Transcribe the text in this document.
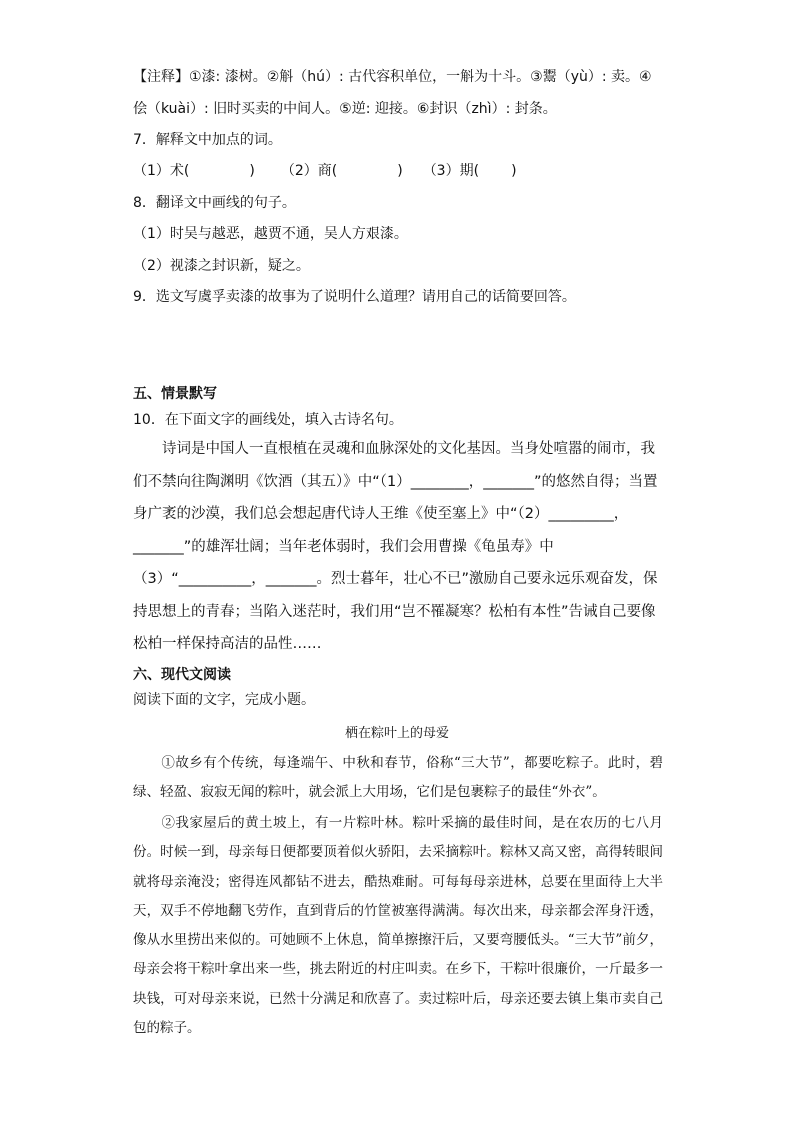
【注释】①漆: 漆树。②斛（hú）: 古代容积单位，一斛为十斗。③鬻（yù）: 卖。④
侩（kuài）: 旧时买卖的中间人。⑤逆: 迎接。⑥封识（zhì）: 封条。
7．解释文中加点的词。
（1）术(	) （2）商(	) （3）期( )
8．翻译文中画线的句子。
（1）时吴与越恶，越贾不通，吴人方艰漆。
（2）视漆之封识新，疑之。
9．选文写虞孚卖漆的故事为了说明什么道理？请用自己的话简要回答。
五、情景默写
10．在下面文字的画线处，填入古诗名句。
诗词是中国人一直根植在灵魂和血脉深处的文化基因。当身处喧嚣的闹市，我们不禁向往陶渊明《饮酒（其五）》中“（1）________，_______”的悠然自得；当置身广袤的沙漠，我们总会想起唐代诗人王维《使至塞上》中“（2）_________，_______”的雄浑壮阔；当年老体弱时，我们会用曹操《龟虽寿》中（3）“__________，_______。烈士暮年，壮心不已”激励自己要永远乐观奋发，保持思想上的青春；当陷入迷茫时，我们用“岂不罹凝寒？松柏有本性”告诫自己要像松柏一样保持高洁的品性……
六、现代文阅读
阅读下面的文字，完成小题。
栖在粽叶上的母爱
①故乡有个传统，每逢端午、中秋和春节，俗称“三大节”，都要吃粽子。此时，碧绿、轻盈、寂寂无闻的粽叶，就会派上大用场，它们是包裹粽子的最佳“外衣”。
②我家屋后的黄土坡上，有一片粽叶林。粽叶采摘的最佳时间，是在农历的七八月份。时候一到，母亲每日便都要顶着似火骄阳，去采摘粽叶。粽林又高又密，高得转眼间就将母亲淹没；密得连风都钻不进去，酷热难耐。可每每母亲进林，总要在里面待上大半天，双手不停地翻飞劳作，直到背后的竹筐被塞得满满。每次出来，母亲都会浑身汗透，像从水里捞出来似的。可她顾不上休息，简单擦擦汗后，又要弯腰低头。“三大节”前夕，母亲会将干粽叶拿出来一些，挑去附近的村庄叫卖。在乡下，干粽叶很廉价，一斤最多一块钱，可对母亲来说，已然十分满足和欣喜了。卖过粽叶后，母亲还要去镇上集市卖自己包的粽子。
